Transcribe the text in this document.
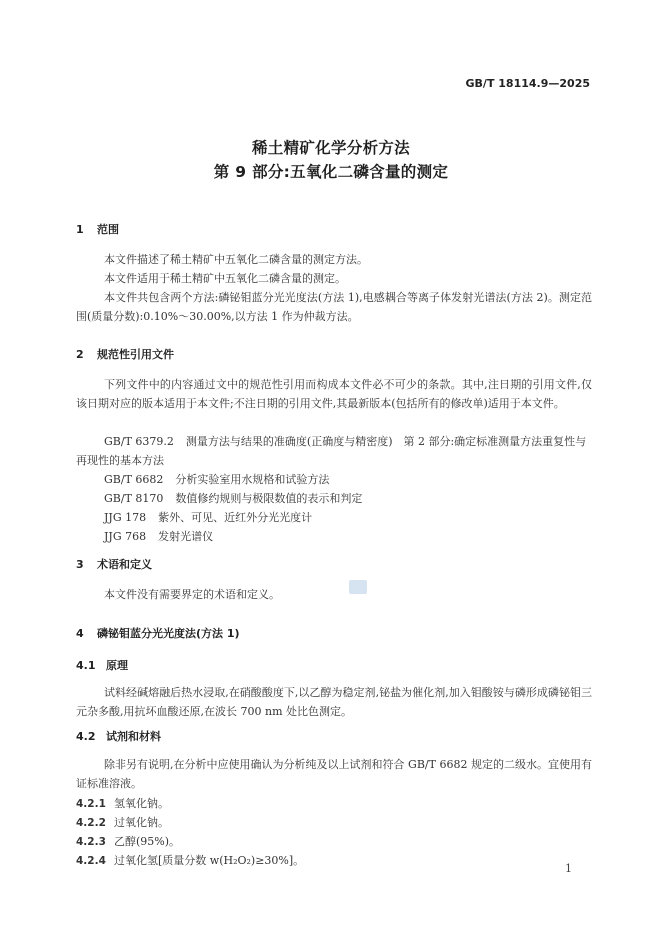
GB/T 18114.9—2025
稀土精矿化学分析方法
第 9 部分:五氧化二磷含量的测定
1 范围
本文件描述了稀土精矿中五氧化二磷含量的测定方法。
本文件适用于稀土精矿中五氧化二磷含量的测定。
本文件共包含两个方法:磷铋钼蓝分光光度法(方法 1),电感耦合等离子体发射光谱法(方法 2)。测定范围(质量分数):0.10%～30.00%,以方法 1 作为仲裁方法。
2 规范性引用文件
下列文件中的内容通过文中的规范性引用而构成本文件必不可少的条款。其中,注日期的引用文件,仅该日期对应的版本适用于本文件;不注日期的引用文件,其最新版本(包括所有的修改单)适用于本文件。
GB/T 6379.2 测量方法与结果的准确度(正确度与精密度)　第 2 部分:确定标准测量方法重复性与再现性的基本方法
GB/T 6682 分析实验室用水规格和试验方法
GB/T 8170 数值修约规则与极限数值的表示和判定
JJG 178 紫外、可见、近红外分光光度计
JJG 768 发射光谱仪
3 术语和定义
本文件没有需要界定的术语和定义。
4 磷铋钼蓝分光光度法(方法 1)
4.1 原理
试料经碱熔融后热水浸取,在硝酸酸度下,以乙醇为稳定剂,铋盐为催化剂,加入钼酸铵与磷形成磷铋钼三元杂多酸,用抗坏血酸还原,在波长 700 nm 处比色测定。
4.2 试剂和材料
除非另有说明,在分析中应使用确认为分析纯及以上试剂和符合 GB/T 6682 规定的二级水。宜使用有证标准溶液。
4.2.1 氢氧化钠。
4.2.2 过氧化钠。
4.2.3 乙醇(95%)。
4.2.4 过氧化氢[质量分数 w(H₂O₂)≥30%]。
1
